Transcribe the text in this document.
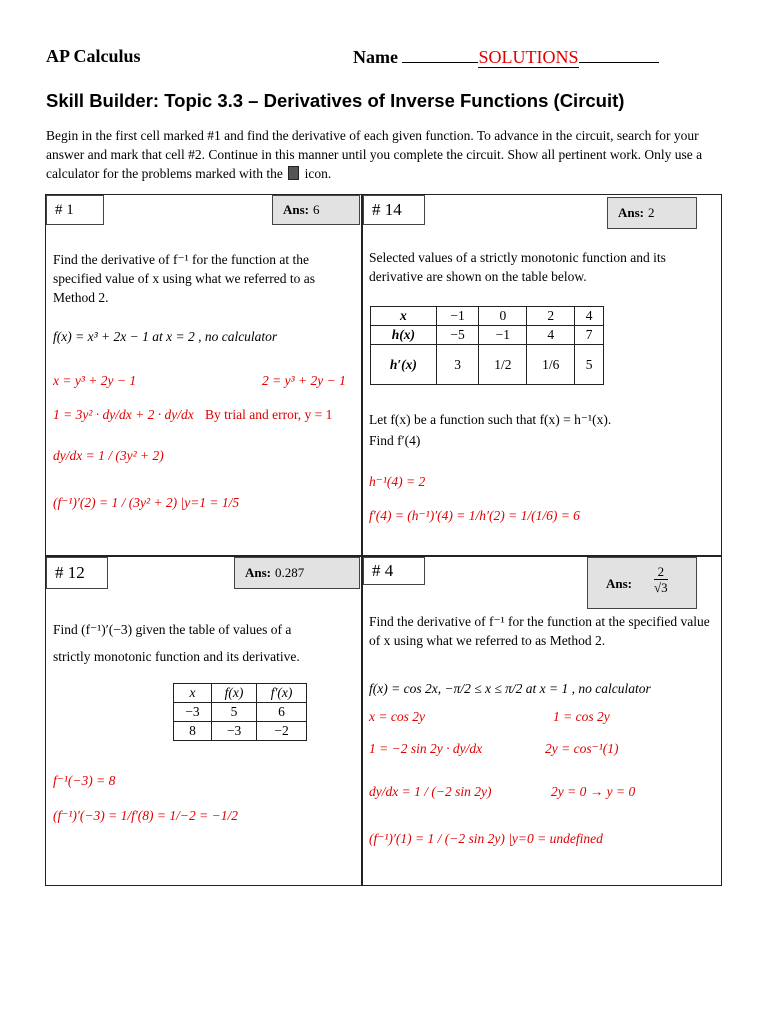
AP Calculus	Name	SOLUTIONS
Skill Builder: Topic 3.3 – Derivatives of Inverse Functions (Circuit)
Begin in the first cell marked #1 and find the derivative of each given function. To advance in the circuit, search for your answer and mark that cell #2. Continue in this manner until you complete the circuit. Show all pertinent work. Only use a calculator for the problems marked with the icon.
# 1	Ans: 6
Find the derivative of f⁻¹ for the function at the specified value of x using what we referred to as Method 2.
f(x) = x³ + 2x − 1 at x = 2 , no calculator
x = y³ + 2y − 1	2 = y³ + 2y − 1
1 = 3y² · dy/dx + 2 · dy/dx By trial and error, y = 1
dy/dx = 1 / (3y² + 2)
(f⁻¹)′(2) = 1 / (3y² + 2) |y=1 = 1/5
# 14	Ans: 2
Selected values of a strictly monotonic function and its derivative are shown on the table below.
x	−1	0	2	4
h(x)	−5	−1	4	7
h′(x)	3	1/2	1/6	5
Let f(x) be a function such that f(x) = h⁻¹(x).
Find f′(4)
h⁻¹(4) = 2
f′(4) = (h⁻¹)′(4) = 1/h′(2) = 1/(1/6) = 6
# 12	Ans: 0.287
Find (f⁻¹)′(−3) given the table of values of a
strictly monotonic function and its derivative.
x	f(x)	f′(x)
−3	5	6
8	−3	−2
f⁻¹(−3) = 8
(f⁻¹)′(−3) = 1/f′(8) = 1/−2 = −1/2
# 4
Ans: $\frac{2}{√3}$
Find the derivative of f⁻¹ for the function at the specified value of x using what we referred to as Method 2.
f(x) = cos 2x, −π/2 ≤ x ≤ π/2 at x = 1 , no calculator
x = cos 2y	1 = cos 2y
1 = −2 sin 2y · dy/dx	2y = cos⁻¹(1)
dy/dx = 1 / (−2 sin 2y)	2y = 0 → y = 0
(f⁻¹)′(1) = 1 / (−2 sin 2y) |y=0 = undefined
